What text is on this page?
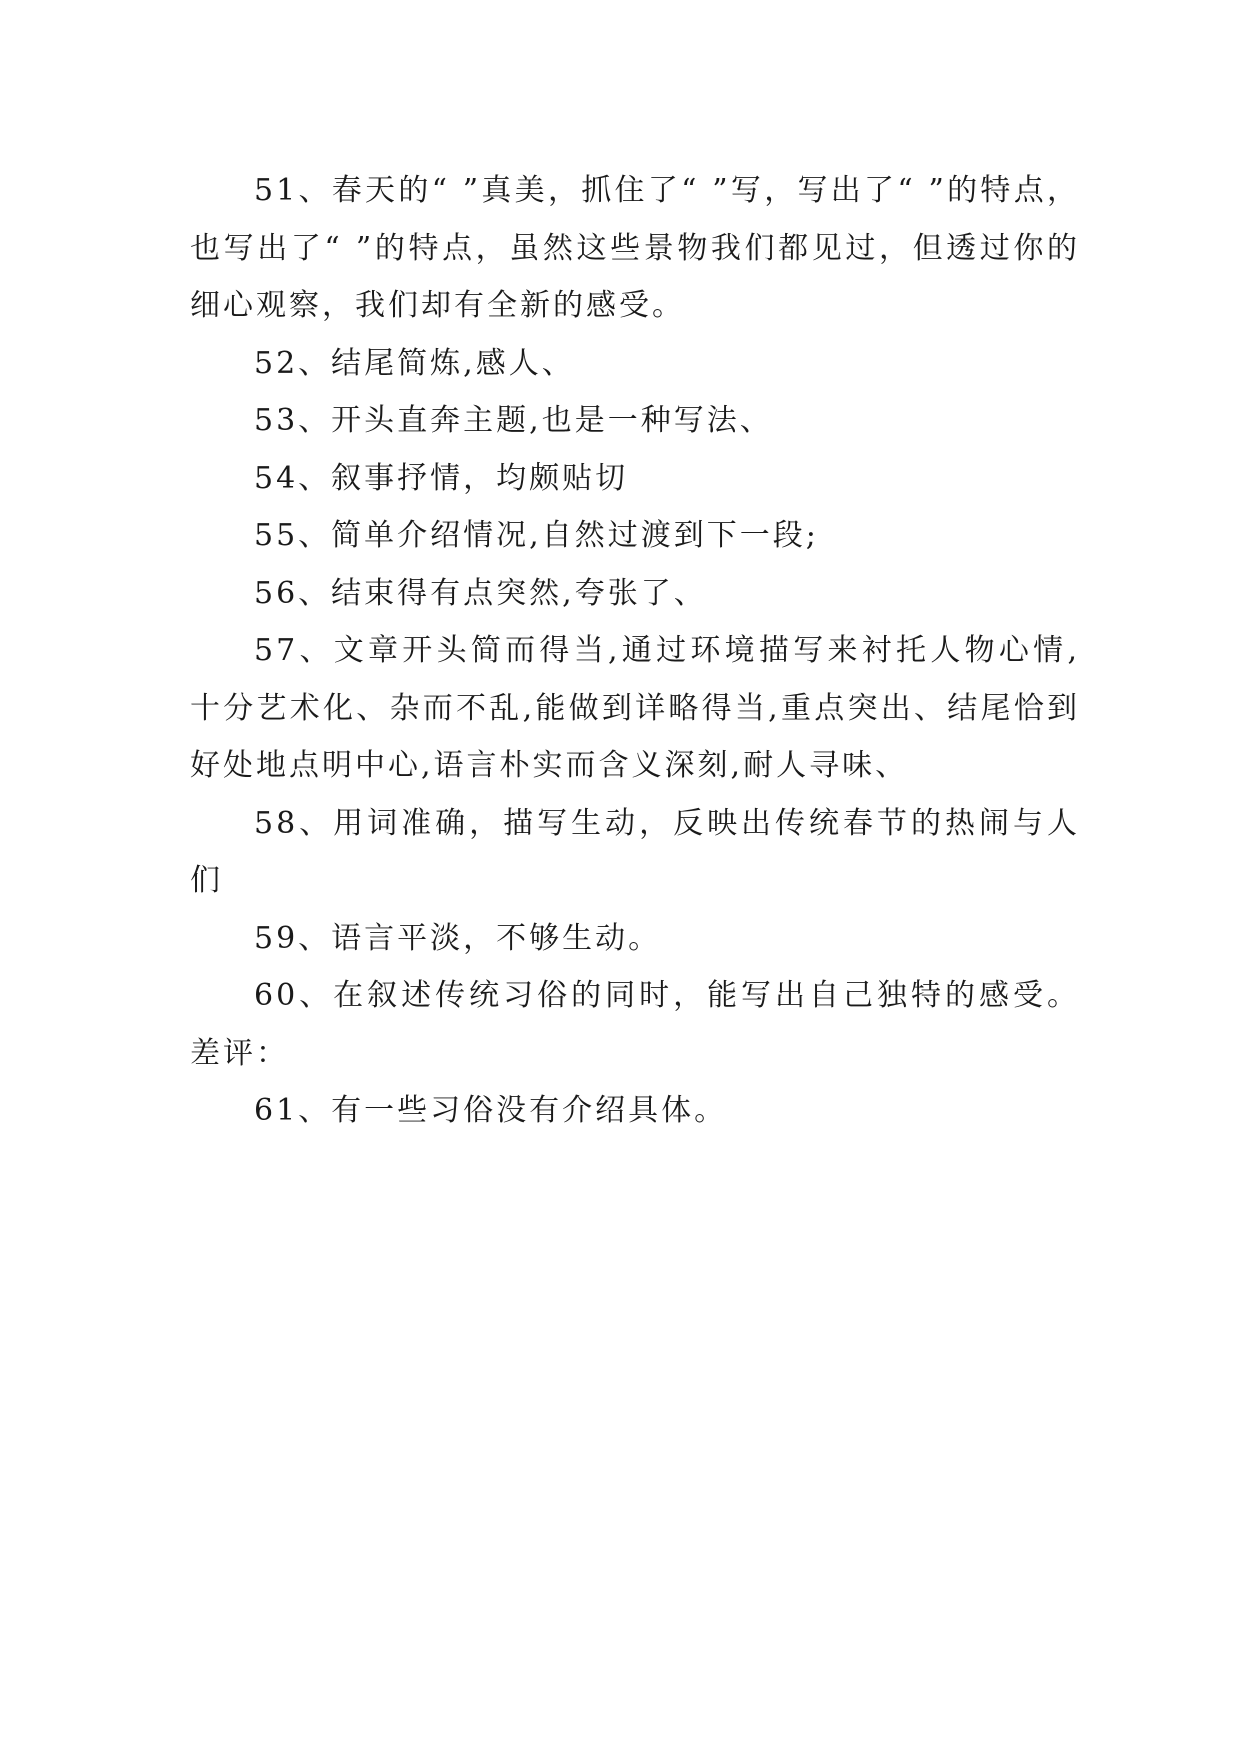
51、春天的“ ”真美，抓住了“ ”写，写出了“ ”的特点，也写出了“ ”的特点，虽然这些景物我们都见过，但透过你的细心观察，我们却有全新的感受。

52、结尾简炼,感人、

53、开头直奔主题,也是一种写法、

54、叙事抒情，均颇贴切

55、简单介绍情况,自然过渡到下一段;

56、结束得有点突然,夸张了、

57、文章开头简而得当,通过环境描写来衬托人物心情,十分艺术化、杂而不乱,能做到详略得当,重点突出、结尾恰到好处地点明中心,语言朴实而含义深刻,耐人寻味、

58、用词准确，描写生动，反映出传统春节的热闹与人们

59、语言平淡，不够生动。

60、在叙述传统习俗的同时，能写出自己独特的感受。差评：

61、有一些习俗没有介绍具体。
